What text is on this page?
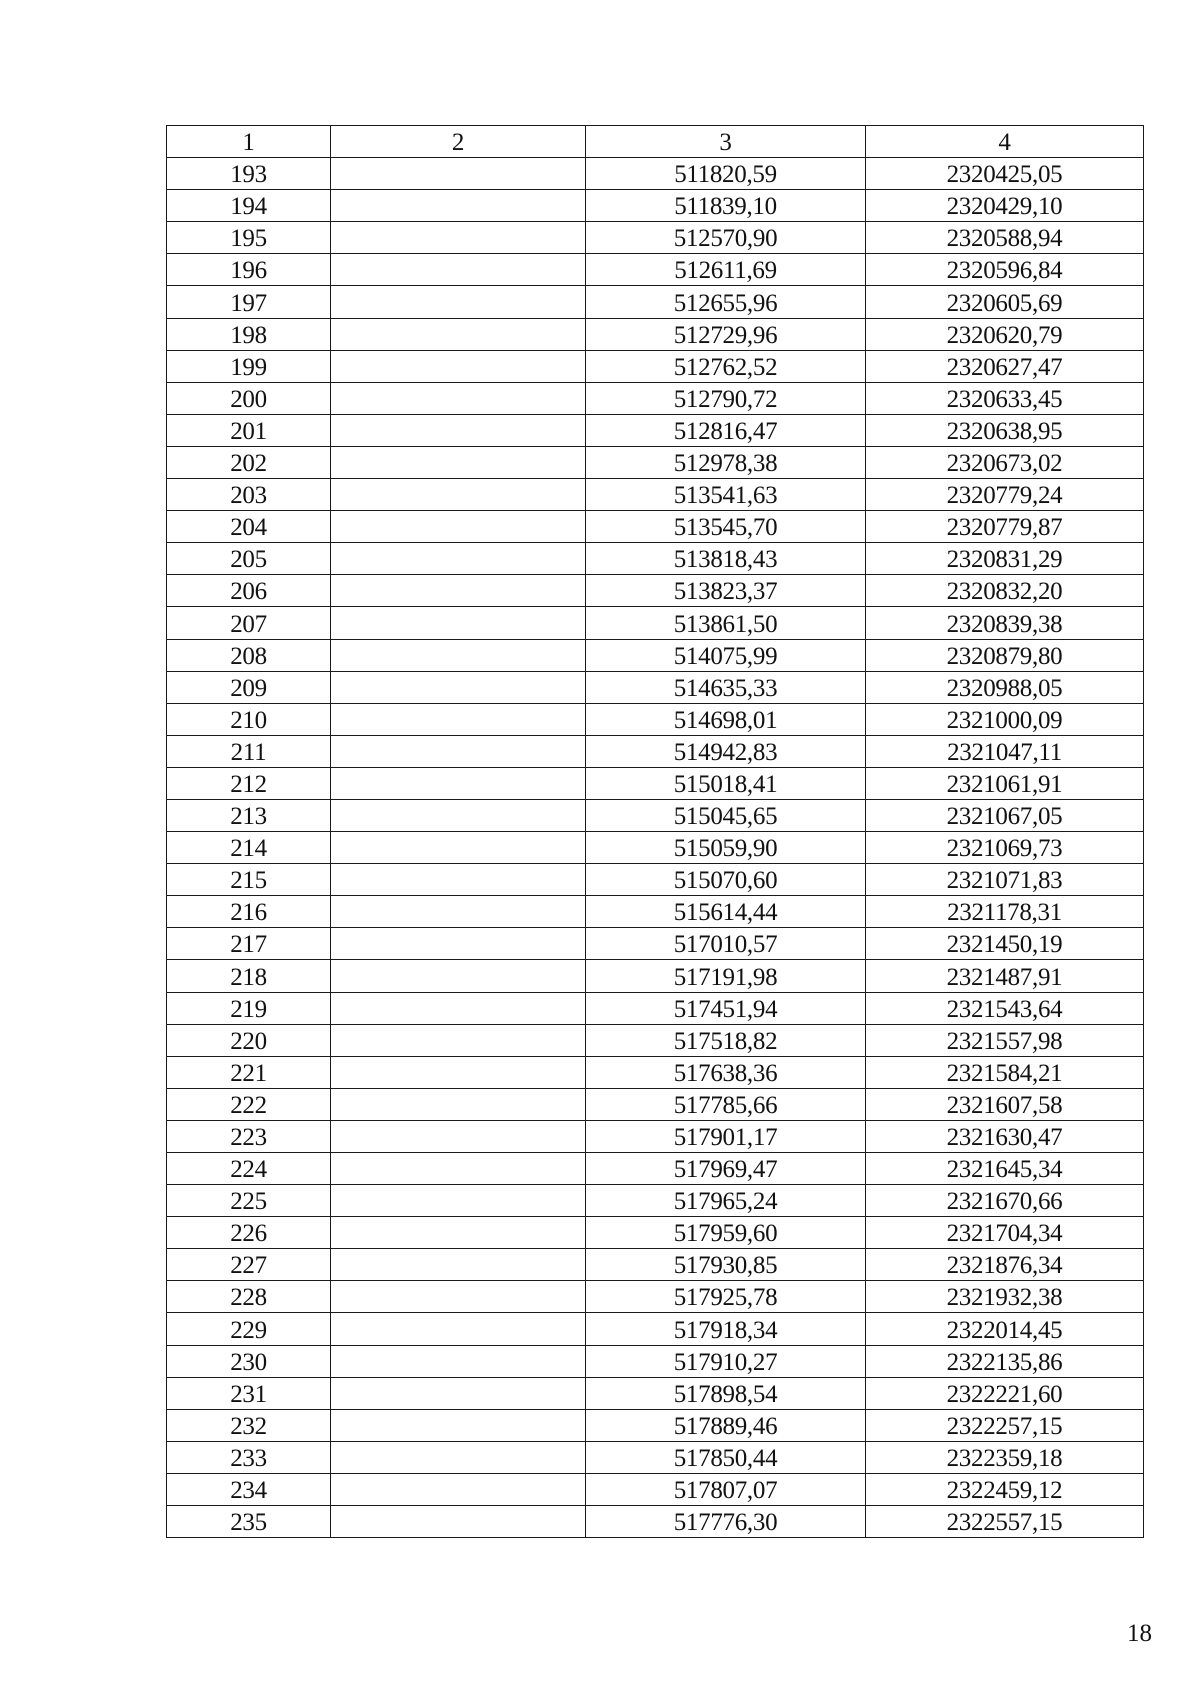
1	2	3	4
193		511820,59	2320425,05
194		511839,10	2320429,10
195		512570,90	2320588,94
196		512611,69	2320596,84
197		512655,96	2320605,69
198		512729,96	2320620,79
199		512762,52	2320627,47
200		512790,72	2320633,45
201		512816,47	2320638,95
202		512978,38	2320673,02
203		513541,63	2320779,24
204		513545,70	2320779,87
205		513818,43	2320831,29
206		513823,37	2320832,20
207		513861,50	2320839,38
208		514075,99	2320879,80
209		514635,33	2320988,05
210		514698,01	2321000,09
211		514942,83	2321047,11
212		515018,41	2321061,91
213		515045,65	2321067,05
214		515059,90	2321069,73
215		515070,60	2321071,83
216		515614,44	2321178,31
217		517010,57	2321450,19
218		517191,98	2321487,91
219		517451,94	2321543,64
220		517518,82	2321557,98
221		517638,36	2321584,21
222		517785,66	2321607,58
223		517901,17	2321630,47
224		517969,47	2321645,34
225		517965,24	2321670,66
226		517959,60	2321704,34
227		517930,85	2321876,34
228		517925,78	2321932,38
229		517918,34	2322014,45
230		517910,27	2322135,86
231		517898,54	2322221,60
232		517889,46	2322257,15
233		517850,44	2322359,18
234		517807,07	2322459,12
235		517776,30	2322557,15
18
